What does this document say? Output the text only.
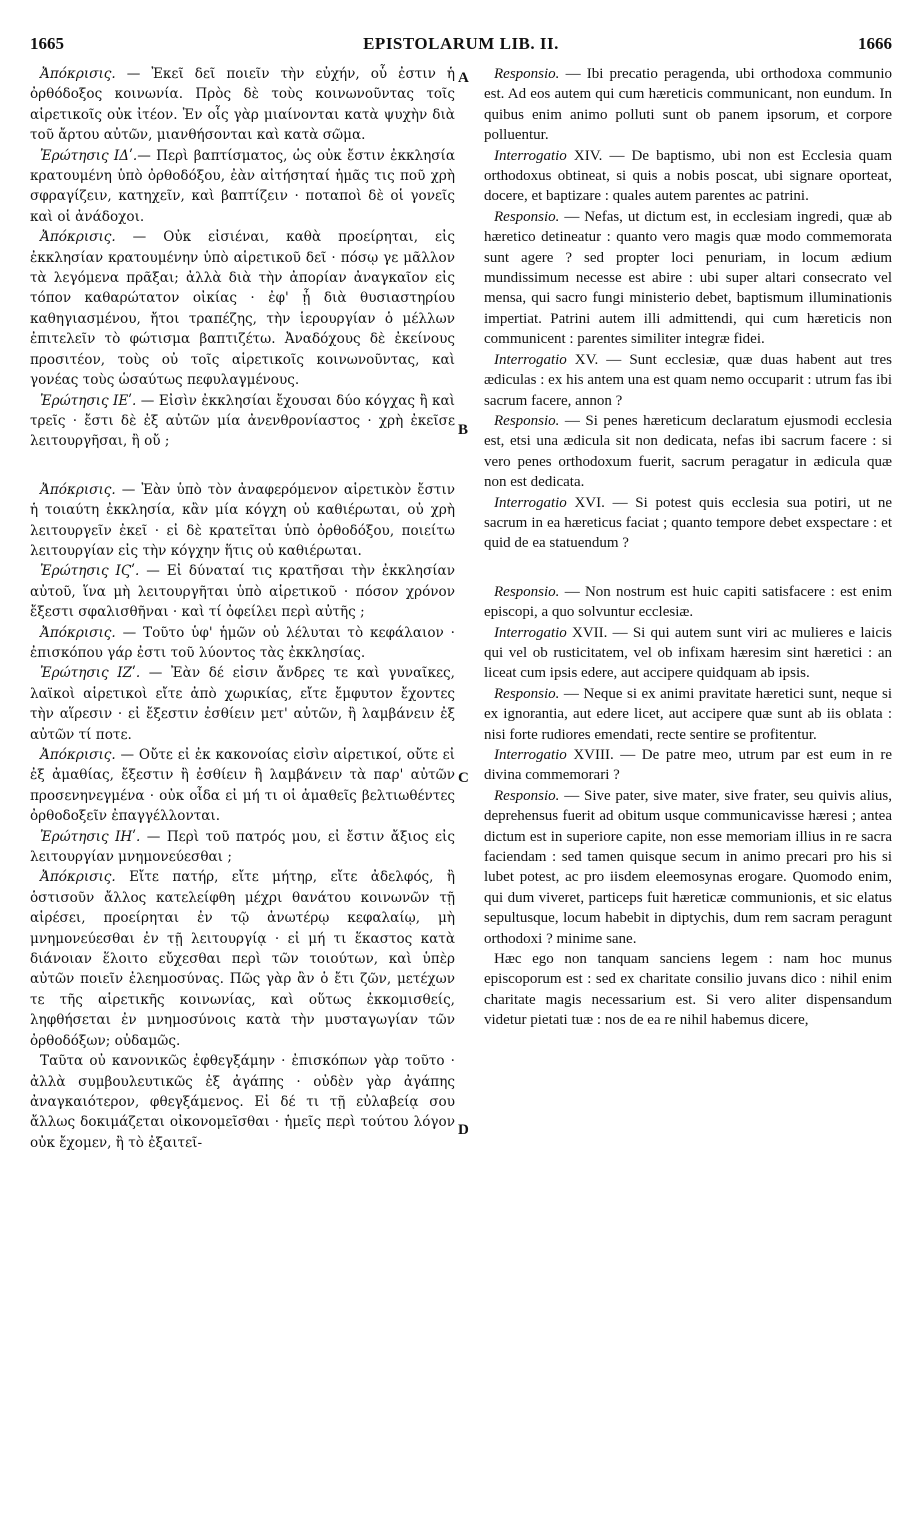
1665	EPISTOLARUM LIB. II.	1666
A
B
C
D

Ἀπόκρισις. — Ἐκεῖ δεῖ ποιεῖν τὴν εὐχήν, οὗ ἐστιν ἡ ὀρθόδοξος κοινωνία. Πρὸς δὲ τοὺς κοινωνοῦντας τοῖς αἱρετικοῖς οὐκ ἰτέον. Ἐν οἷς γὰρ μιαίνονται κατὰ ψυχὴν διὰ τοῦ ἄρτου αὐτῶν, μιανθήσονται καὶ κατὰ σῶμα.

Ἐρώτησις ΙΔʹ.— Περὶ βαπτίσματος, ὡς οὐκ ἔστιν ἐκκλησία κρατουμένη ὑπὸ ὀρθοδόξου, ἐὰν αἰτήσηταί ἡμᾶς τις ποῦ χρὴ σφραγίζειν, κατηχεῖν, καὶ βαπτίζειν · ποταποὶ δὲ οἱ γονεῖς καὶ οἱ ἀνάδοχοι.

Ἀπόκρισις. — Οὐκ εἰσιέναι, καθὰ προείρηται, εἰς ἐκκλησίαν κρατουμένην ὑπὸ αἱρετικοῦ δεῖ · πόσῳ γε μᾶλλον τὰ λεγόμενα πρᾶξαι; ἀλλὰ διὰ τὴν ἀπορίαν ἀναγκαῖον εἰς τόπον καθαρώτατον οἰκίας · ἐφ' ᾗ διὰ θυσιαστηρίου καθηγιασμένου, ἤτοι τραπέζης, τὴν ἱερουργίαν ὁ μέλλων ἐπιτελεῖν τὸ φώτισμα βαπτιζέτω. Ἀναδόχους δὲ ἐκείνους προσιτέον, τοὺς οὐ τοῖς αἱρετικοῖς κοινωνοῦντας, καὶ γονέας τοὺς ὡσαύτως πεφυλαγμένους.

Ἐρώτησις ΙΕʹ. — Εἰσὶν ἐκκλησίαι ἔχουσαι δύο κόγχας ἢ καὶ τρεῖς · ἔστι δὲ ἐξ αὐτῶν μία ἀνενθρονίαστος · χρὴ ἐκεῖσε λειτουργῆσαι, ἢ οὔ ;

Ἀπόκρισις. — Ἐὰν ὑπὸ τὸν ἀναφερόμενον αἱρετικὸν ἔστιν ἡ τοιαύτη ἐκκλησία, κἂν μία κόγχη οὐ καθιέρωται, οὐ χρὴ λειτουργεῖν ἐκεῖ · εἰ δὲ κρατεῖται ὑπὸ ὀρθοδόξου, ποιείτω λειτουργίαν εἰς τὴν κόγχην ἥτις οὐ καθιέρωται.

Ἐρώτησις ΙϚʹ. — Εἰ δύναταί τις κρατῆσαι τὴν ἐκκλησίαν αὐτοῦ, ἵνα μὴ λειτουργῆται ὑπὸ αἱρετικοῦ · πόσον χρόνον ἔξεστι σφαλισθῆναι · καὶ τί ὀφείλει περὶ αὐτῆς ;

Ἀπόκρισις. — Τοῦτο ὑφ' ἡμῶν οὐ λέλυται τὸ κεφάλαιον · ἐπισκόπου γάρ ἐστι τοῦ λύοντος τὰς ἐκκλησίας.

Ἐρώτησις ΙΖʹ. — Ἐὰν δέ εἰσιν ἄνδρες τε καὶ γυναῖκες, λαϊκοὶ αἱρετικοὶ εἴτε ἀπὸ χωρικίας, εἴτε ἔμφυτον ἔχοντες τὴν αἵρεσιν · εἰ ἔξεστιν ἐσθίειν μετ' αὐτῶν, ἢ λαμβάνειν ἐξ αὐτῶν τί ποτε.

Ἀπόκρισις. — Οὔτε εἰ ἐκ κακονοίας εἰσὶν αἱρετικοί, οὔτε εἰ ἐξ ἀμαθίας, ἔξεστιν ἢ ἐσθίειν ἢ λαμβάνειν τὰ παρ' αὐτῶν προσενηνεγμένα · οὐκ οἶδα εἰ μή τι οἱ ἀμαθεῖς βελτιωθέντες ὀρθοδοξεῖν ἐπαγγέλλονται.

Ἐρώτησις ΙΗʹ. — Περὶ τοῦ πατρός μου, εἰ ἔστιν ἄξιος εἰς λειτουργίαν μνημονεύεσθαι ;

Ἀπόκρισις. Εἴτε πατήρ, εἴτε μήτηρ, εἴτε ἀδελφός, ἢ ὁστισοῦν ἄλλος κατελείφθη μέχρι θανάτου κοινωνῶν τῇ αἱρέσει, προείρηται ἐν τῷ ἀνωτέρῳ κεφαλαίῳ, μὴ μνημονεύεσθαι ἐν τῇ λειτουργίᾳ · εἰ μή τι ἕκαστος κατὰ διάνοιαν ἕλοιτο εὔχεσθαι περὶ τῶν τοιούτων, καὶ ὑπὲρ αὐτῶν ποιεῖν ἐλεημοσύνας. Πῶς γὰρ ἂν ὁ ἔτι ζῶν, μετέχων τε τῆς αἱρετικῆς κοινωνίας, καὶ οὕτως ἐκκομισθείς, ληφθήσεται ἐν μνημοσύνοις κατὰ τὴν μυσταγωγίαν τῶν ὀρθοδόξων; οὐδαμῶς.

Ταῦτα οὐ κανονικῶς ἐφθεγξάμην · ἐπισκόπων γὰρ τοῦτο · ἀλλὰ συμβουλευτικῶς ἐξ ἀγάπης · οὐδὲν γὰρ ἀγάπης ἀναγκαιότερον, φθεγξάμενος. Εἰ δέ τι τῇ εὐλαβείᾳ σου ἄλλως δοκιμάζεται οἰκονομεῖσθαι · ἡμεῖς περὶ τούτου λόγον οὐκ ἔχομεν, ἢ τὸ ἐξαιτεῖ-

Responsio. — Ibi precatio peragenda, ubi orthodoxa communio est. Ad eos autem qui cum hæreticis communicant, non eundum. In quibus enim animo polluti sunt ob panem ipsorum, et corpore polluentur.

Interrogatio XIV. — De baptismo, ubi non est Ecclesia quam orthodoxus obtineat, si quis a nobis poscat, ubi signare oporteat, docere, et baptizare : quales autem parentes ac patrini.

Responsio. — Nefas, ut dictum est, in ecclesiam ingredi, quæ ab hæretico detineatur : quanto vero magis quæ modo commemorata sunt agere ? sed propter loci penuriam, in locum ædium mundissimum necesse est abire : ubi super altari consecrato vel mensa, qui sacro fungi ministerio debet, baptismum illuminationis impertiat. Patrini autem illi admittendi, qui cum hæreticis non communicent : parentes similiter integræ fidei.

Interrogatio XV. — Sunt ecclesiæ, quæ duas habent aut tres ædiculas : ex his antem una est quam nemo occuparit : utrum fas ibi sacrum facere, annon ?

Responsio. — Si penes hæreticum declaratum ejusmodi ecclesia est, etsi una ædicula sit non dedicata, nefas ibi sacrum facere : si vero penes orthodoxum fuerit, sacrum peragatur in ædicula quæ non est dedicata.

Interrogatio XVI. — Si potest quis ecclesia sua potiri, ut ne sacrum in ea hæreticus faciat ; quanto tempore debet exspectare : et quid de ea statuendum ?

Responsio. — Non nostrum est huic capiti satisfacere : est enim episcopi, a quo solvuntur ecclesiæ.

Interrogatio XVII. — Si qui autem sunt viri ac mulieres e laicis qui vel ob rusticitatem, vel ob infixam hæresim sint hæretici : an liceat cum ipsis edere, aut accipere quidquam ab ipsis.

Responsio. — Neque si ex animi pravitate hæretici sunt, neque si ex ignorantia, aut edere licet, aut accipere quæ sunt ab iis oblata : nisi forte rudiores emendati, recte sentire se profitentur.

Interrogatio XVIII. — De patre meo, utrum par est eum in re divina commemorari ?

Responsio. — Sive pater, sive mater, sive frater, seu quivis alius, deprehensus fuerit ad obitum usque communicavisse hæresi ; antea dictum est in superiore capite, non esse memoriam illius in re sacra faciendam : sed tamen quisque secum in animo precari pro his si lubet potest, ac pro iisdem eleemosynas erogare. Quomodo enim, qui dum viveret, particeps fuit hæreticæ communionis, et sic elatus sepultusque, locum habebit in diptychis, dum rem sacram peragunt orthodoxi ? minime sane.

Hæc ego non tanquam sanciens legem : nam hoc munus episcoporum est : sed ex charitate consilio juvans dico : nihil enim charitate magis necessarium est. Si vero aliter dispensandum videtur pietati tuæ : nos de ea re nihil habemus dicere,
